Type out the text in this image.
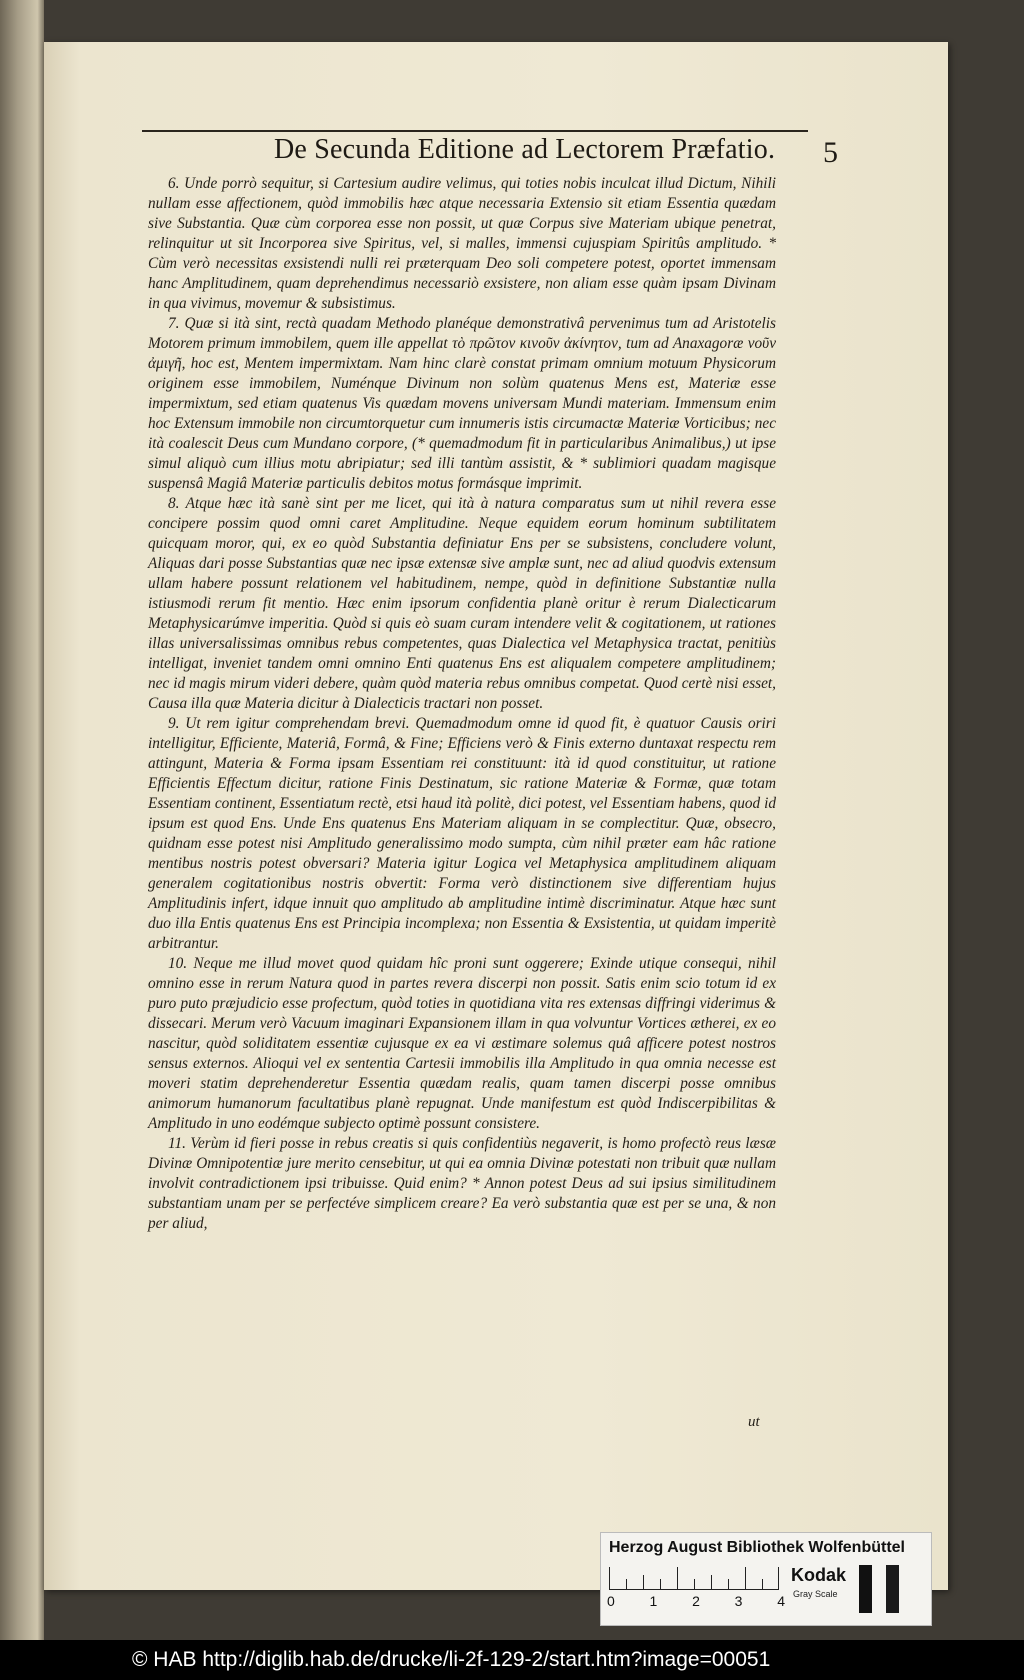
De Secunda Editione ad Lectorem Præfatio. 5

6. Unde porrò sequitur, si Cartesium audire velimus, qui toties nobis inculcat illud Dictum, Nihili nullam esse affectionem, quòd immobilis hæc atque necessaria Extensio sit etiam Essentia quædam sive Substantia. Quæ cùm corporea esse non possit, ut quæ Corpus sive Materiam ubique penetrat, relinquitur ut sit Incorporea sive Spiritus, vel, si malles, immensi cujuspiam Spiritûs amplitudo. * Cùm verò necessitas exsistendi nulli rei præterquam Deo soli competere potest, oportet immensam hanc Amplitudinem, quam deprehendimus necessariò exsistere, non aliam esse quàm ipsam Divinam in qua vivimus, movemur & subsistimus.

7. Quæ si ità sint, rectà quadam Methodo planéque demonstrativâ pervenimus tum ad Aristotelis Motorem primum immobilem, quem ille appellat τὸ πρῶτον κινοῦν ἀκίνητον, tum ad Anaxagoræ νοῦν ἀμιγῆ, hoc est, Mentem impermixtam. Nam hinc clarè constat primam omnium motuum Physicorum originem esse immobilem, Numénque Divinum non solùm quatenus Mens est, Materiæ esse impermixtum, sed etiam quatenus Vis quædam movens universam Mundi materiam. Immensum enim hoc Extensum immobile non circumtorquetur cum innumeris istis circumactæ Materiæ Vorticibus; nec ità coalescit Deus cum Mundano corpore, (* quemadmodum fit in particularibus Animalibus,) ut ipse simul aliquò cum illius motu abripiatur; sed illi tantùm assistit, & * sublimiori quadam magisque suspensâ Magiâ Materiæ particulis debitos motus formásque imprimit.

8. Atque hæc ità sanè sint per me licet, qui ità à natura comparatus sum ut nihil revera esse concipere possim quod omni caret Amplitudine. Neque equidem eorum hominum subtilitatem quicquam moror, qui, ex eo quòd Substantia definiatur Ens per se subsistens, concludere volunt, Aliquas dari posse Substantias quæ nec ipsæ extensæ sive amplæ sunt, nec ad aliud quodvis extensum ullam habere possunt relationem vel habitudinem, nempe, quòd in definitione Substantiæ nulla istiusmodi rerum fit mentio. Hæc enim ipsorum confidentia planè oritur è rerum Dialecticarum Metaphysicarúmve imperitia. Quòd si quis eò suam curam intendere velit & cogitationem, ut rationes illas universalissimas omnibus rebus competentes, quas Dialectica vel Metaphysica tractat, penitiùs intelligat, inveniet tandem omni omnino Enti quatenus Ens est aliqualem competere amplitudinem; nec id magis mirum videri debere, quàm quòd materia rebus omnibus competat. Quod certè nisi esset, Causa illa quæ Materia dicitur à Dialecticis tractari non posset.

9. Ut rem igitur comprehendam brevi. Quemadmodum omne id quod fit, è quatuor Causis oriri intelligitur, Efficiente, Materiâ, Formâ, & Fine; Efficiens verò & Finis externo duntaxat respectu rem attingunt, Materia & Forma ipsam Essentiam rei constituunt: ità id quod constituitur, ut ratione Efficientis Effectum dicitur, ratione Finis Destinatum, sic ratione Materiæ & Formæ, quæ totam Essentiam continent, Essentiatum rectè, etsi haud ità politè, dici potest, vel Essentiam habens, quod id ipsum est quod Ens. Unde Ens quatenus Ens Materiam aliquam in se complectitur. Quæ, obsecro, quidnam esse potest nisi Amplitudo generalissimo modo sumpta, cùm nihil præter eam hâc ratione mentibus nostris potest obversari? Materia igitur Logica vel Metaphysica amplitudinem aliquam generalem cogitationibus nostris obvertit: Forma verò distinctionem sive differentiam hujus Amplitudinis infert, idque innuit quo amplitudo ab amplitudine intimè discriminatur. Atque hæc sunt duo illa Entis quatenus Ens est Principia incomplexa; non Essentia & Exsistentia, ut quidam imperitè arbitrantur.

10. Neque me illud movet quod quidam hîc proni sunt oggerere; Exinde utique consequi, nihil omnino esse in rerum Natura quod in partes revera discerpi non possit. Satis enim scio totum id ex puro puto præjudicio esse profectum, quòd toties in quotidiana vita res extensas diffringi viderimus & dissecari. Merum verò Vacuum imaginari Expansionem illam in qua volvuntur Vortices ætherei, ex eo nascitur, quòd soliditatem essentiæ cujusque ex ea vi æstimare solemus quâ afficere potest nostros sensus externos. Alioqui vel ex sententia Cartesii immobilis illa Amplitudo in qua omnia necesse est moveri statim deprehenderetur Essentia quædam realis, quam tamen discerpi posse omnibus animorum humanorum facultatibus planè repugnat. Unde manifestum est quòd Indiscerpibilitas & Amplitudo in uno eodémque subjecto optimè possunt consistere.

11. Verùm id fieri posse in rebus creatis si quis confidentiùs negaverit, is homo profectò reus læsæ Divinæ Omnipotentiæ jure merito censebitur, ut qui ea omnia Divinæ potestati non tribuit quæ nullam involvit contradictionem ipsi tribuisse. Quid enim? * Annon potest Deus ad sui ipsius similitudinem substantiam unam per se perfectéve simplicem creare? Ea verò substantia quæ est per se una, & non per aliud,

ut
Herzog August Bibliothek Wolfenbüttel
0 1 2 3 4
Kodak
Gray Scale
© HAB http://diglib.hab.de/drucke/li-2f-129-2/start.htm?image=00051
